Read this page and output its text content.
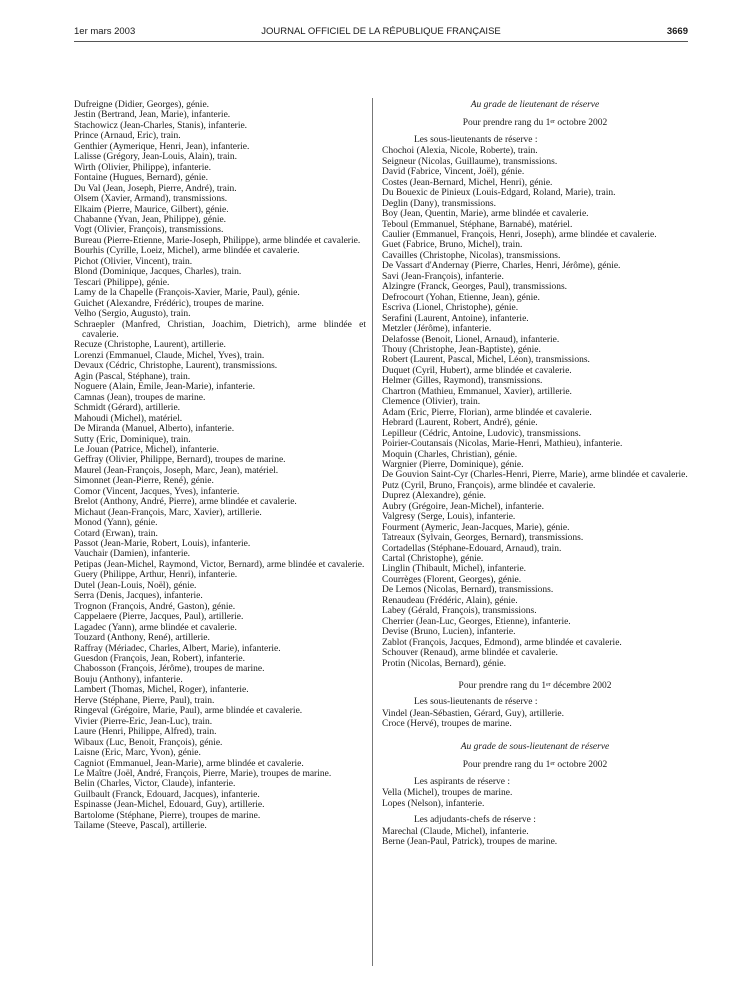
1er mars 2003	JOURNAL OFFICIEL DE LA RÉPUBLIQUE FRANÇAISE	3669
Dufreigne (Didier, Georges), génie.
Jestin (Bertrand, Jean, Marie), infanterie.
Stachowicz (Jean-Charles, Stanis), infanterie.
Prince (Arnaud, Eric), train.
Genthier (Aymerique, Henri, Jean), infanterie.
Lalisse (Grégory, Jean-Louis, Alain), train.
Wirth (Olivier, Philippe), infanterie.
Fontaine (Hugues, Bernard), génie.
Du Val (Jean, Joseph, Pierre, André), train.
Olsem (Xavier, Armand), transmissions.
Elkaim (Pierre, Maurice, Gilbert), génie.
Chabanne (Yvan, Jean, Philippe), génie.
Vogt (Olivier, François), transmissions.
Bureau (Pierre-Etienne, Marie-Joseph, Philippe), arme blindée et cavalerie.
Bourhis (Cyrille, Loeiz, Michel), arme blindée et cavalerie.
Pichot (Olivier, Vincent), train.
Blond (Dominique, Jacques, Charles), train.
Tescari (Philippe), génie.
Lamy de la Chapelle (François-Xavier, Marie, Paul), génie.
Guichet (Alexandre, Frédéric), troupes de marine.
Velho (Sergio, Augusto), train.
Schraepler (Manfred, Christian, Joachim, Dietrich), arme blindée et cavalerie.
Recuze (Christophe, Laurent), artillerie.
Lorenzi (Emmanuel, Claude, Michel, Yves), train.
Devaux (Cédric, Christophe, Laurent), transmissions.
Agin (Pascal, Stéphane), train.
Noguere (Alain, Emile, Jean-Marie), infanterie.
Camnas (Jean), troupes de marine.
Schmidt (Gérard), artillerie.
Mahoudi (Michel), matériel.
De Miranda (Manuel, Alberto), infanterie.
Sutty (Eric, Dominique), train.
Le Jouan (Patrice, Michel), infanterie.
Geffray (Olivier, Philippe, Bernard), troupes de marine.
Maurel (Jean-François, Joseph, Marc, Jean), matériel.
Simonnet (Jean-Pierre, René), génie.
Comor (Vincent, Jacques, Yves), infanterie.
Brelot (Anthony, André, Pierre), arme blindée et cavalerie.
Michaut (Jean-François, Marc, Xavier), artillerie.
Monod (Yann), génie.
Cotard (Erwan), train.
Passot (Jean-Marie, Robert, Louis), infanterie.
Vauchair (Damien), infanterie.
Petipas (Jean-Michel, Raymond, Victor, Bernard), arme blindée et cavalerie.
Guery (Philippe, Arthur, Henri), infanterie.
Dutel (Jean-Louis, Noël), génie.
Serra (Denis, Jacques), infanterie.
Trognon (François, André, Gaston), génie.
Cappelaere (Pierre, Jacques, Paul), artillerie.
Lagadec (Yann), arme blindée et cavalerie.
Touzard (Anthony, René), artillerie.
Raffray (Mériadec, Charles, Albert, Marie), infanterie.
Guesdon (François, Jean, Robert), infanterie.
Chabosson (François, Jérôme), troupes de marine.
Bouju (Anthony), infanterie.
Lambert (Thomas, Michel, Roger), infanterie.
Herve (Stéphane, Pierre, Paul), train.
Ringeval (Grégoire, Marie, Paul), arme blindée et cavalerie.
Vivier (Pierre-Eric, Jean-Luc), train.
Laure (Henri, Philippe, Alfred), train.
Wibaux (Luc, Benoit, François), génie.
Laisne (Eric, Marc, Yvon), génie.
Cagniot (Emmanuel, Jean-Marie), arme blindée et cavalerie.
Le Maître (Joël, André, François, Pierre, Marie), troupes de marine.
Belin (Charles, Victor, Claude), infanterie.
Guilbault (Franck, Edouard, Jacques), infanterie.
Espinasse (Jean-Michel, Edouard, Guy), artillerie.
Bartolome (Stéphane, Pierre), troupes de marine.
Tailame (Steeve, Pascal), artillerie.
Au grade de lieutenant de réserve
Pour prendre rang du 1er octobre 2002
Les sous-lieutenants de réserve :
Chochoi (Alexia, Nicole, Roberte), train.
Seigneur (Nicolas, Guillaume), transmissions.
David (Fabrice, Vincent, Joël), génie.
Costes (Jean-Bernard, Michel, Henri), génie.
Du Bouexic de Pinieux (Louis-Edgard, Roland, Marie), train.
Deglin (Dany), transmissions.
Boy (Jean, Quentin, Marie), arme blindée et cavalerie.
Teboul (Emmanuel, Stéphane, Barnabé), matériel.
Caulier (Emmanuel, François, Henri, Joseph), arme blindée et cavalerie.
Guet (Fabrice, Bruno, Michel), train.
Cavailles (Christophe, Nicolas), transmissions.
De Vassart d'Andernay (Pierre, Charles, Henri, Jérôme), génie.
Savi (Jean-François), infanterie.
Alzingre (Franck, Georges, Paul), transmissions.
Defrocourt (Yohan, Etienne, Jean), génie.
Escriva (Lionel, Christophe), génie.
Serafini (Laurent, Antoine), infanterie.
Metzler (Jérôme), infanterie.
Delafosse (Benoit, Lionel, Arnaud), infanterie.
Thouy (Christophe, Jean-Baptiste), génie.
Robert (Laurent, Pascal, Michel, Léon), transmissions.
Duquet (Cyril, Hubert), arme blindée et cavalerie.
Helmer (Gilles, Raymond), transmissions.
Chartron (Mathieu, Emmanuel, Xavier), artillerie.
Clemence (Olivier), train.
Adam (Eric, Pierre, Florian), arme blindée et cavalerie.
Hebrard (Laurent, Robert, André), génie.
Lepilleur (Cédric, Antoine, Ludovic), transmissions.
Poirier-Coutansais (Nicolas, Marie-Henri, Mathieu), infanterie.
Moquin (Charles, Christian), génie.
Wargnier (Pierre, Dominique), génie.
De Gouvion Saint-Cyr (Charles-Henri, Pierre, Marie), arme blindée et cavalerie.
Putz (Cyril, Bruno, François), arme blindée et cavalerie.
Duprez (Alexandre), génie.
Aubry (Grégoire, Jean-Michel), infanterie.
Valgresy (Serge, Louis), infanterie.
Fourment (Aymeric, Jean-Jacques, Marie), génie.
Tatreaux (Sylvain, Georges, Bernard), transmissions.
Cortadellas (Stéphane-Edouard, Arnaud), train.
Cartal (Christophe), génie.
Linglin (Thibault, Michel), infanterie.
Courrèges (Florent, Georges), génie.
De Lemos (Nicolas, Bernard), transmissions.
Renaudeau (Frédéric, Alain), génie.
Labey (Gérald, François), transmissions.
Cherrier (Jean-Luc, Georges, Etienne), infanterie.
Devise (Bruno, Lucien), infanterie.
Zablot (François, Jacques, Edmond), arme blindée et cavalerie.
Schouver (Renaud), arme blindée et cavalerie.
Protin (Nicolas, Bernard), génie.
Pour prendre rang du 1er décembre 2002
Les sous-lieutenants de réserve :
Vindel (Jean-Sébastien, Gérard, Guy), artillerie.
Croce (Hervé), troupes de marine.
Au grade de sous-lieutenant de réserve
Pour prendre rang du 1er octobre 2002
Les aspirants de réserve :
Vella (Michel), troupes de marine.
Lopes (Nelson), infanterie.
Les adjudants-chefs de réserve :
Marechal (Claude, Michel), infanterie.
Berne (Jean-Paul, Patrick), troupes de marine.
